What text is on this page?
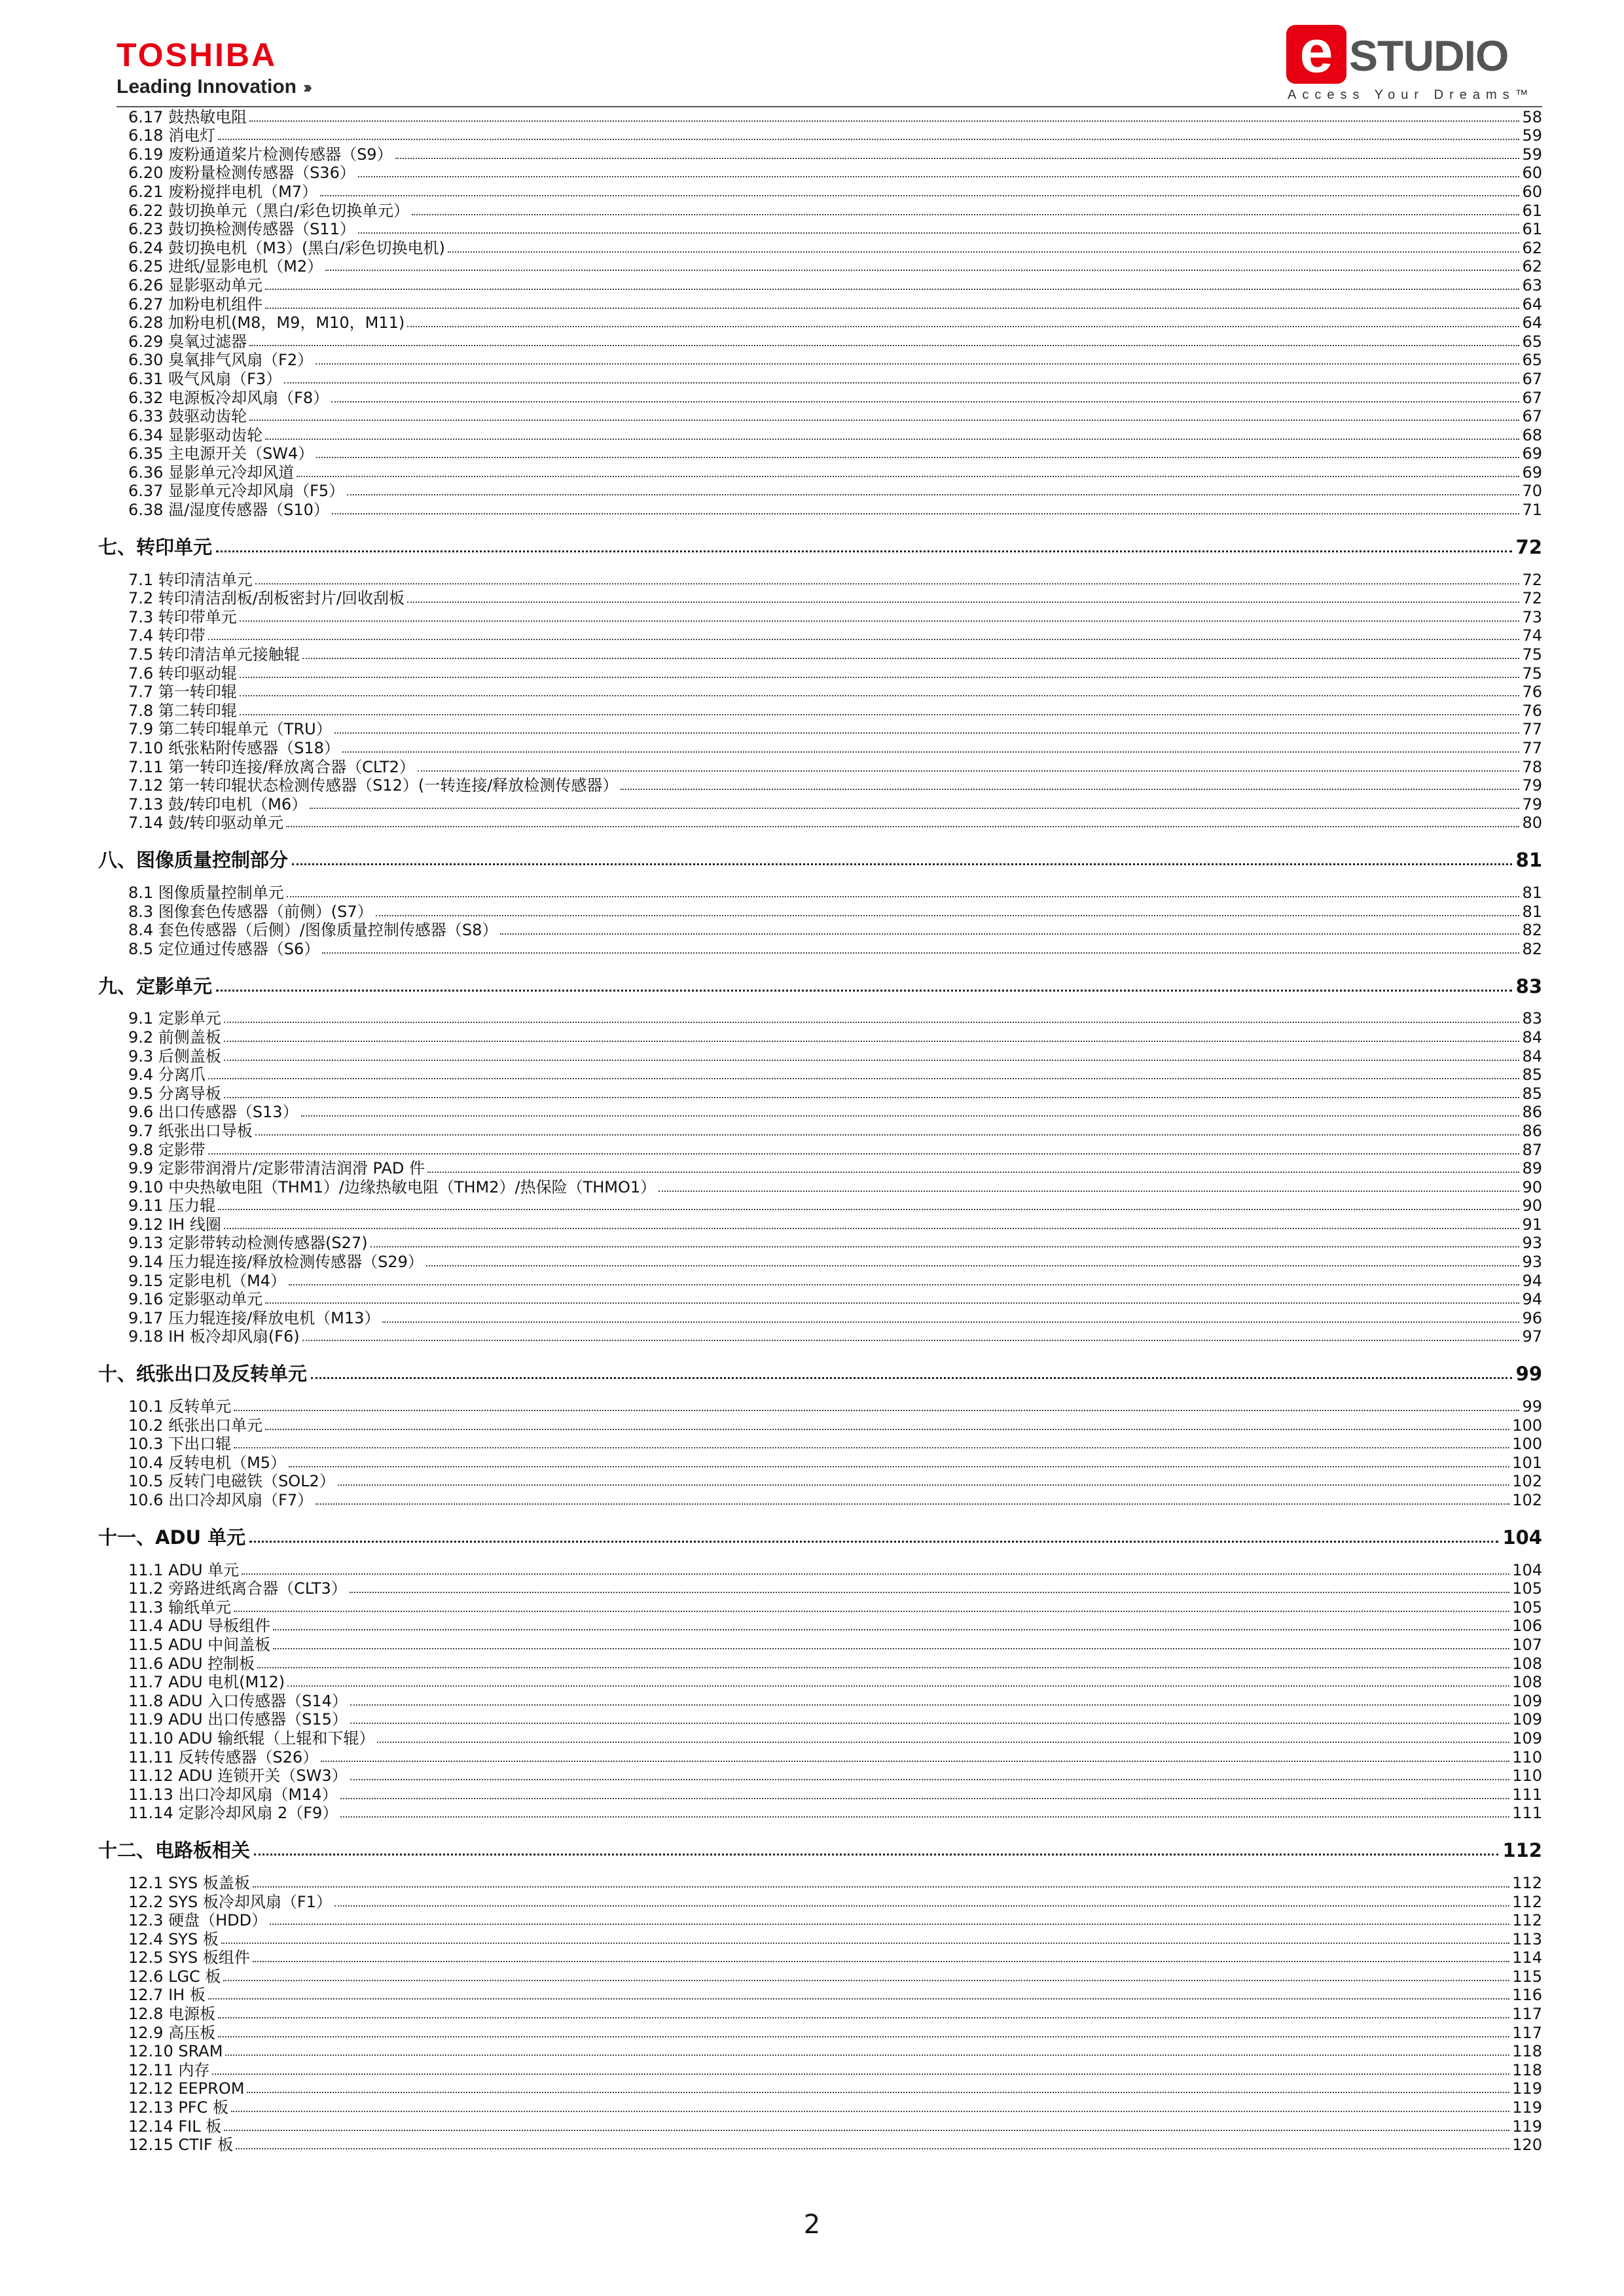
TOSHIBA
Leading Innovation ›››
e STUDIO
Access Your Dreams™
6.17 鼓热敏电阻	58
6.18 消电灯	59
6.19 废粉通道桨片检测传感器（S9）	59
6.20 废粉量检测传感器（S36）	60
6.21 废粉搅拌电机（M7）	60
6.22 鼓切换单元（黑白/彩色切换单元）	61
6.23 鼓切换检测传感器（S11）	61
6.24 鼓切换电机（M3）(黑白/彩色切换电机)	62
6.25 进纸/显影电机（M2）	62
6.26 显影驱动单元	63
6.27 加粉电机组件	64
6.28 加粉电机(M8，M9，M10，M11)	64
6.29 臭氧过滤器	65
6.30 臭氧排气风扇（F2）	65
6.31 吸气风扇（F3）	67
6.32 电源板冷却风扇（F8）	67
6.33 鼓驱动齿轮	67
6.34 显影驱动齿轮	68
6.35 主电源开关（SW4）	69
6.36 显影单元冷却风道	69
6.37 显影单元冷却风扇（F5）	70
6.38 温/湿度传感器（S10）	71
七、转印单元	72
7.1 转印清洁单元	72
7.2 转印清洁刮板/刮板密封片/回收刮板	72
7.3 转印带单元	73
7.4 转印带	74
7.5 转印清洁单元接触辊	75
7.6 转印驱动辊	75
7.7 第一转印辊	76
7.8 第二转印辊	76
7.9 第二转印辊单元（TRU）	77
7.10 纸张粘附传感器（S18）	77
7.11 第一转印连接/释放离合器（CLT2）	78
7.12 第一转印辊状态检测传感器（S12）(一转连接/释放检测传感器）	79
7.13 鼓/转印电机（M6）	79
7.14 鼓/转印驱动单元	80
八、图像质量控制部分	81
8.1 图像质量控制单元	81
8.3 图像套色传感器（前侧）(S7）	81
8.4 套色传感器（后侧）/图像质量控制传感器（S8）	82
8.5 定位通过传感器（S6）	82
九、定影单元	83
9.1 定影单元	83
9.2 前侧盖板	84
9.3 后侧盖板	84
9.4 分离爪	85
9.5 分离导板	85
9.6 出口传感器（S13）	86
9.7 纸张出口导板	86
9.8 定影带	87
9.9 定影带润滑片/定影带清洁润滑 PAD 件	89
9.10 中央热敏电阻（THM1）/边缘热敏电阻（THM2）/热保险（THMO1）	90
9.11 压力辊	90
9.12 IH 线圈	91
9.13 定影带转动检测传感器(S27)	93
9.14 压力辊连接/释放检测传感器（S29）	93
9.15 定影电机（M4）	94
9.16 定影驱动单元	94
9.17 压力辊连接/释放电机（M13）	96
9.18 IH 板冷却风扇(F6)	97
十、纸张出口及反转单元	99
10.1 反转单元	99
10.2 纸张出口单元	100
10.3 下出口辊	100
10.4 反转电机（M5）	101
10.5 反转门电磁铁（SOL2）	102
10.6 出口冷却风扇（F7）	102
十一、ADU 单元	104
11.1 ADU 单元	104
11.2 旁路进纸离合器（CLT3）	105
11.3 输纸单元	105
11.4 ADU 导板组件	106
11.5 ADU 中间盖板	107
11.6 ADU 控制板	108
11.7 ADU 电机(M12)	108
11.8 ADU 入口传感器（S14）	109
11.9 ADU 出口传感器（S15）	109
11.10 ADU 输纸辊（上辊和下辊）	109
11.11 反转传感器（S26）	110
11.12 ADU 连锁开关（SW3）	110
11.13 出口冷却风扇（M14）	111
11.14 定影冷却风扇 2（F9）	111
十二、电路板相关	112
12.1 SYS 板盖板	112
12.2 SYS 板冷却风扇（F1）	112
12.3 硬盘（HDD）	112
12.4 SYS 板	113
12.5 SYS 板组件	114
12.6 LGC 板	115
12.7 IH 板	116
12.8 电源板	117
12.9 高压板	117
12.10 SRAM	118
12.11 内存	118
12.12 EEPROM	119
12.13 PFC 板	119
12.14 FIL 板	119
12.15 CTIF 板	120
2
